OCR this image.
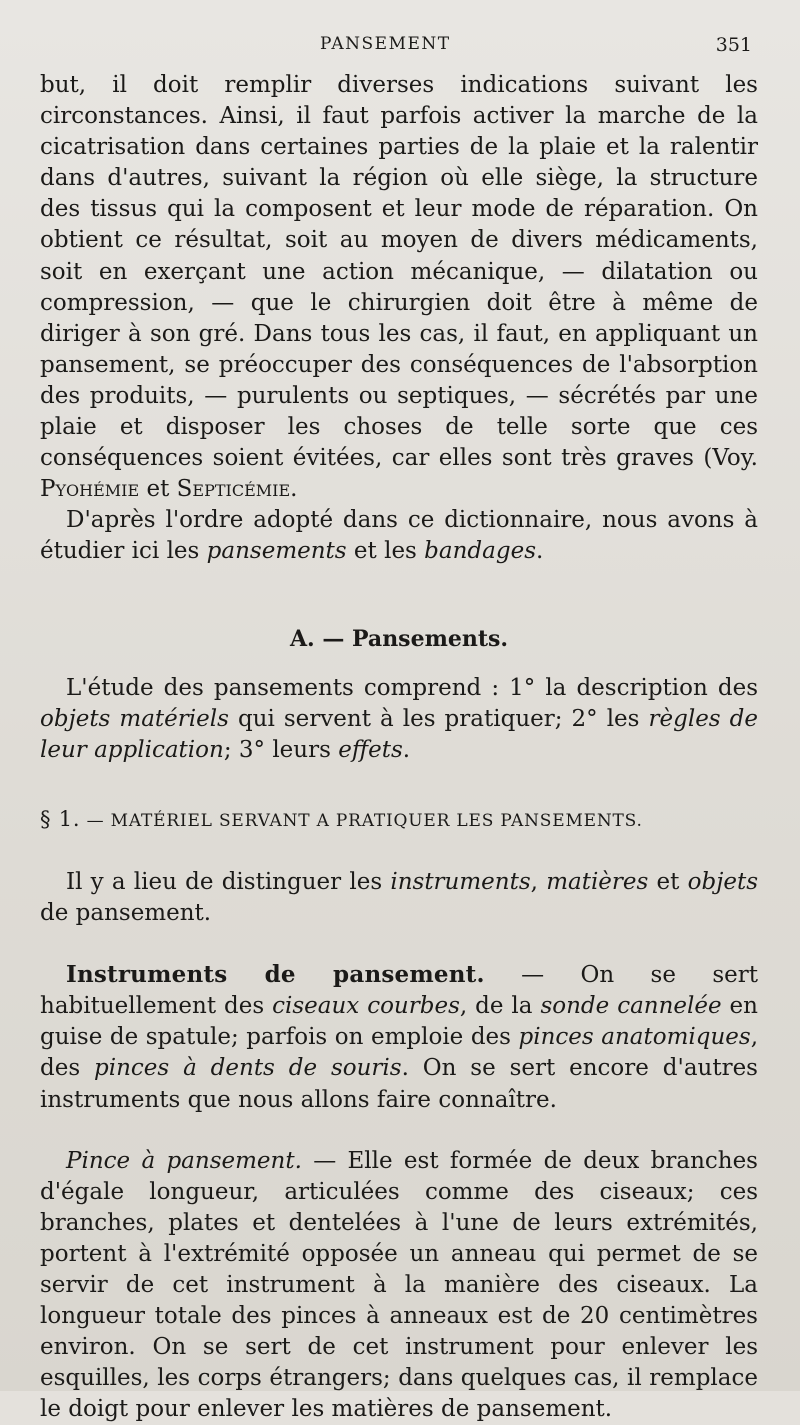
PANSEMENT	351

but, il doit remplir diverses indications suivant les circonstances. Ainsi, il faut parfois activer la marche de la cicatrisation dans certaines parties de la plaie et la ralentir dans d'autres, suivant la région où elle siège, la structure des tissus qui la composent et leur mode de réparation. On obtient ce résultat, soit au moyen de divers médicaments, soit en exerçant une action mécanique, — dilatation ou compression, — que le chirurgien doit être à même de diriger à son gré. Dans tous les cas, il faut, en appliquant un pansement, se préoccuper des conséquences de l'absorption des produits, — purulents ou septiques, — sécrétés par une plaie et disposer les choses de telle sorte que ces conséquences soient évitées, car elles sont très graves (Voy. Pyohémie et Septicémie.

D'après l'ordre adopté dans ce dictionnaire, nous avons à étudier ici les pansements et les bandages.

A. — Pansements.

L'étude des pansements comprend : 1° la description des objets matériels qui servent à les pratiquer; 2° les règles de leur application; 3° leurs effets.

§ 1. — MATÉRIEL SERVANT A PRATIQUER LES PANSEMENTS.

Il y a lieu de distinguer les instruments, matières et objets de pansement.

Instruments de pansement. — On se sert habituellement des ciseaux courbes, de la sonde cannelée en guise de spatule; parfois on emploie des pinces anatomiques, des pinces à dents de souris. On se sert encore d'autres instruments que nous allons faire connaître.

Pince à pansement. — Elle est formée de deux branches d'égale longueur, articulées comme des ciseaux; ces branches, plates et dentelées à l'une de leurs extrémités, portent à l'extrémité opposée un anneau qui permet de se servir de cet instrument à la manière des ciseaux. La longueur totale des pinces à anneaux est de 20 centimètres environ. On se sert de cet instrument pour enlever les esquilles, les corps étrangers; dans quelques cas, il remplace le doigt pour enlever les matières de pansement.
